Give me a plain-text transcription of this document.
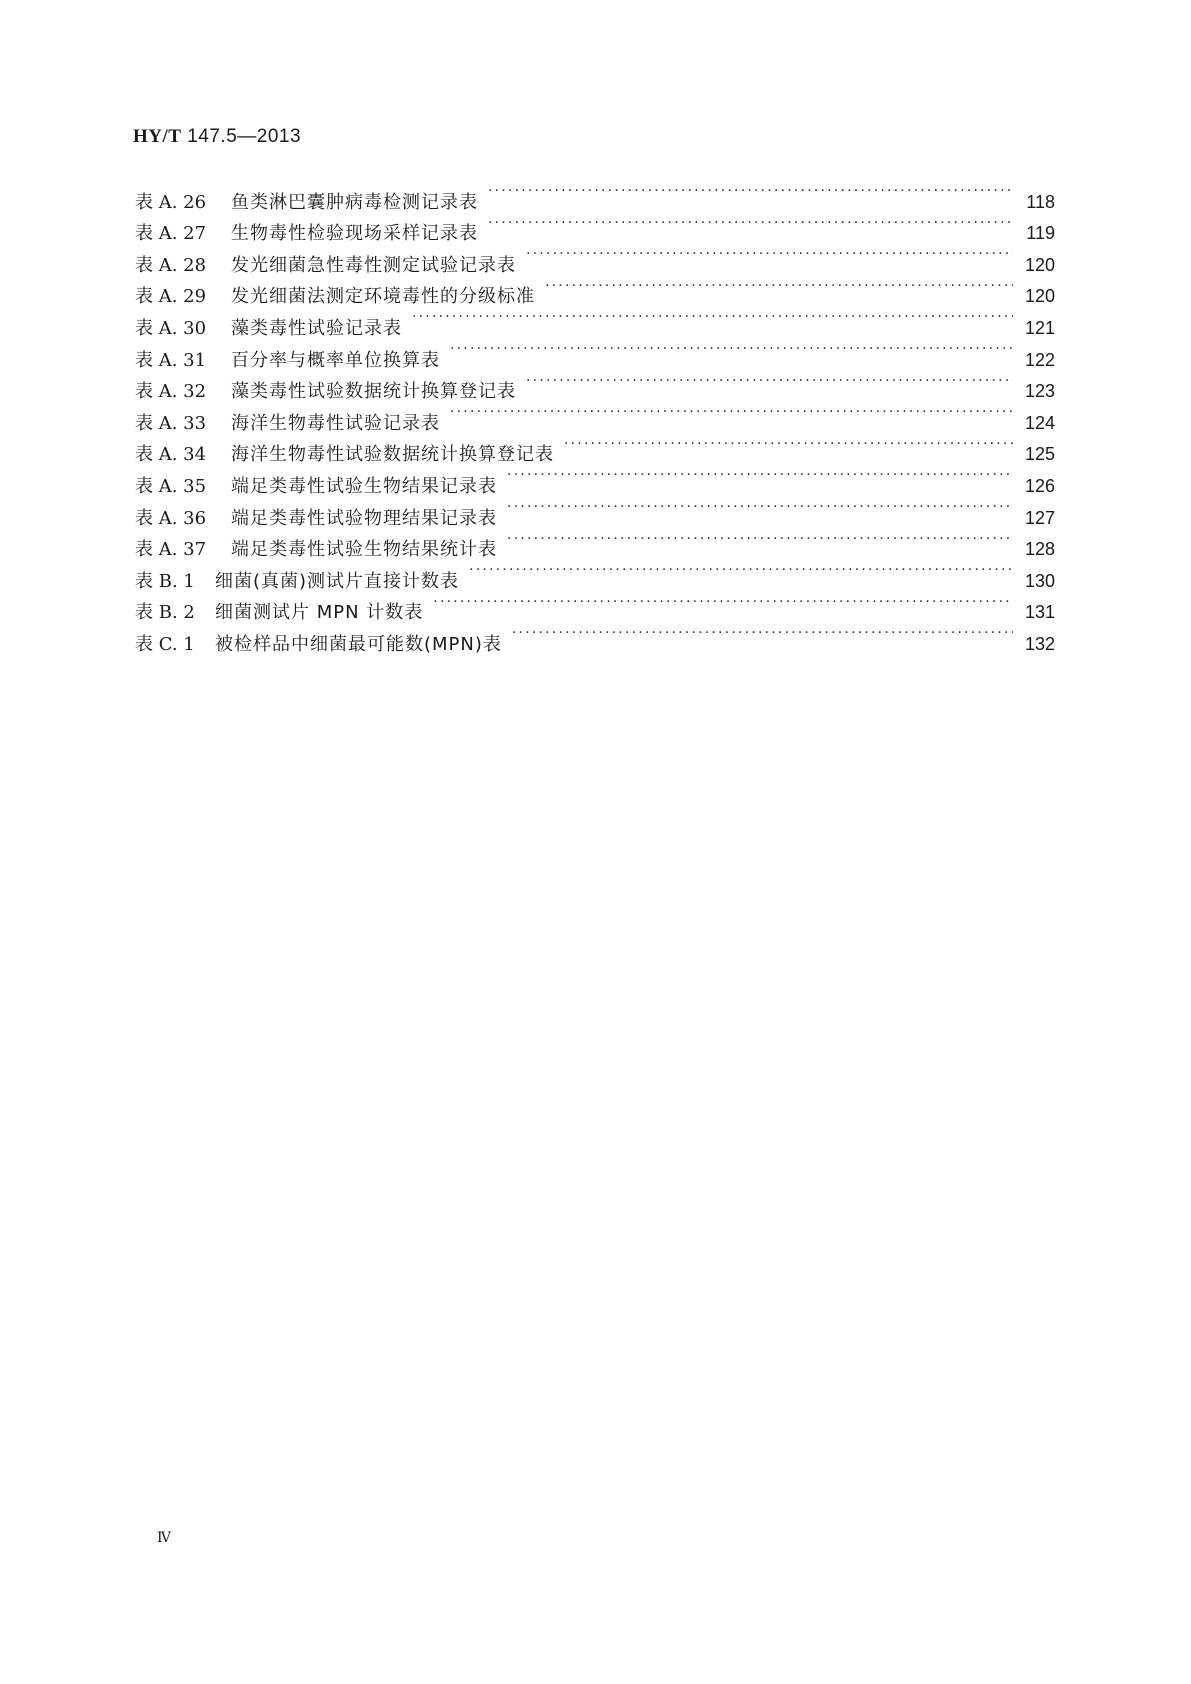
HY/T 147.5—2013
表 A. 26	鱼类淋巴囊肿病毒检测记录表 ·····	118
表 A. 27	生物毒性检验现场采样记录表 ·····	119
表 A. 28	发光细菌急性毒性测定试验记录表 ·····	120
表 A. 29	发光细菌法测定环境毒性的分级标准 ·····	120
表 A. 30	藻类毒性试验记录表 ·····	121
表 A. 31	百分率与概率单位换算表 ·····	122
表 A. 32	藻类毒性试验数据统计换算登记表 ·····	123
表 A. 33	海洋生物毒性试验记录表 ·····	124
表 A. 34	海洋生物毒性试验数据统计换算登记表 ·····	125
表 A. 35	端足类毒性试验生物结果记录表 ·····	126
表 A. 36	端足类毒性试验物理结果记录表 ·····	127
表 A. 37	端足类毒性试验生物结果统计表 ·····	128
表 B. 1	细菌(真菌)测试片直接计数表 ·····	130
表 B. 2	细菌测试片 MPN 计数表 ·····	131
表 C. 1	被检样品中细菌最可能数(MPN)表 ·····	132
Ⅳ
